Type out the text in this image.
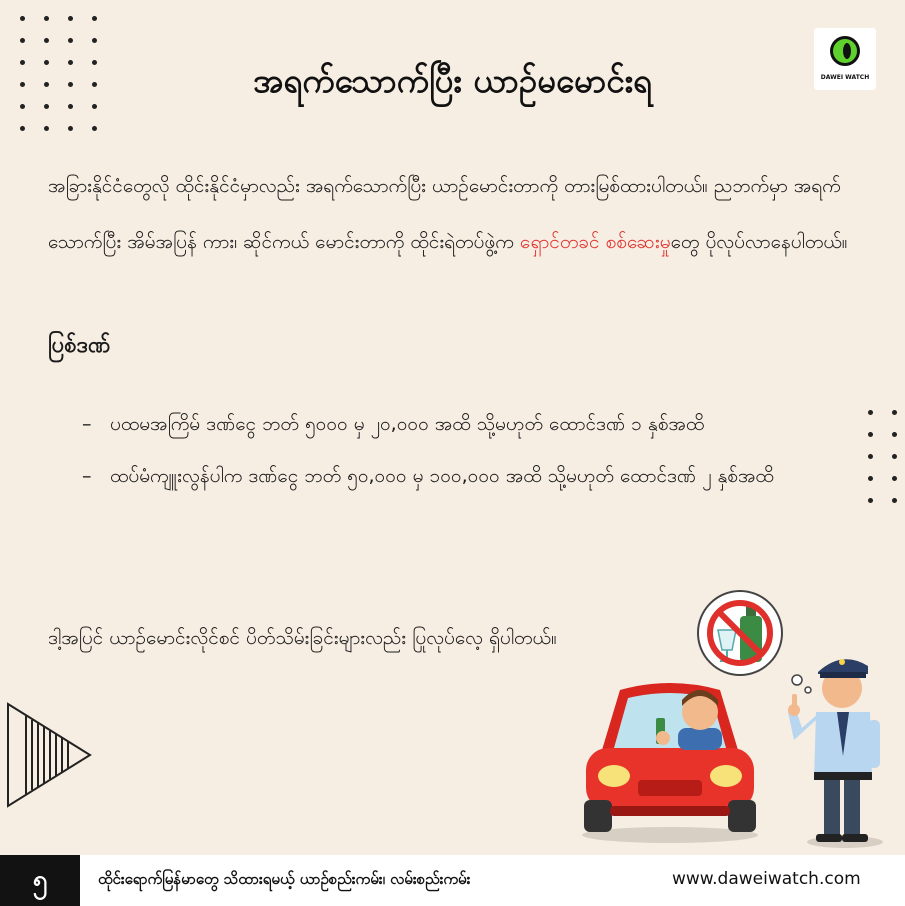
အရက်သောက်ပြီး ယာဉ်မမောင်းရ	DAWEI WATCH
အခြားနိုင်ငံတွေလို ထိုင်းနိုင်ငံမှာလည်း အရက်သောက်ပြီး ယာဉ်မောင်းတာကို တားမြစ်ထားပါတယ်။ ညဘက်မှာ အရက်သောက်ပြီး အိမ်အပြန် ကား၊ ဆိုင်ကယ် မောင်းတာကို ထိုင်းရဲတပ်ဖွဲ့က ရှောင်တခင် စစ်ဆေးမှုတွေ ပိုလုပ်လာနေပါတယ်။
ပြစ်ဒဏ်
– ပထမအကြိမ် ဒဏ်ငွေ ဘတ် ၅၀၀၀ မှ ၂၀,၀၀၀ အထိ သို့မဟုတ် ထောင်ဒဏ် ၁ နှစ်အထိ
– ထပ်မံကျူးလွန်ပါက ဒဏ်ငွေ ဘတ် ၅၀,၀၀၀ မှ ၁၀၀,၀၀၀ အထိ သို့မဟုတ် ထောင်ဒဏ် ၂ နှစ်အထိ
ဒါ့အပြင် ယာဉ်မောင်းလိုင်စင် ပိတ်သိမ်းခြင်းများလည်း ပြုလုပ်လေ့ ရှိပါတယ်။
၅	ထိုင်းရောက်မြန်မာတွေ သိထားရမယ့် ယာဉ်စည်းကမ်း၊ လမ်းစည်းကမ်း	www.daweiwatch.com
